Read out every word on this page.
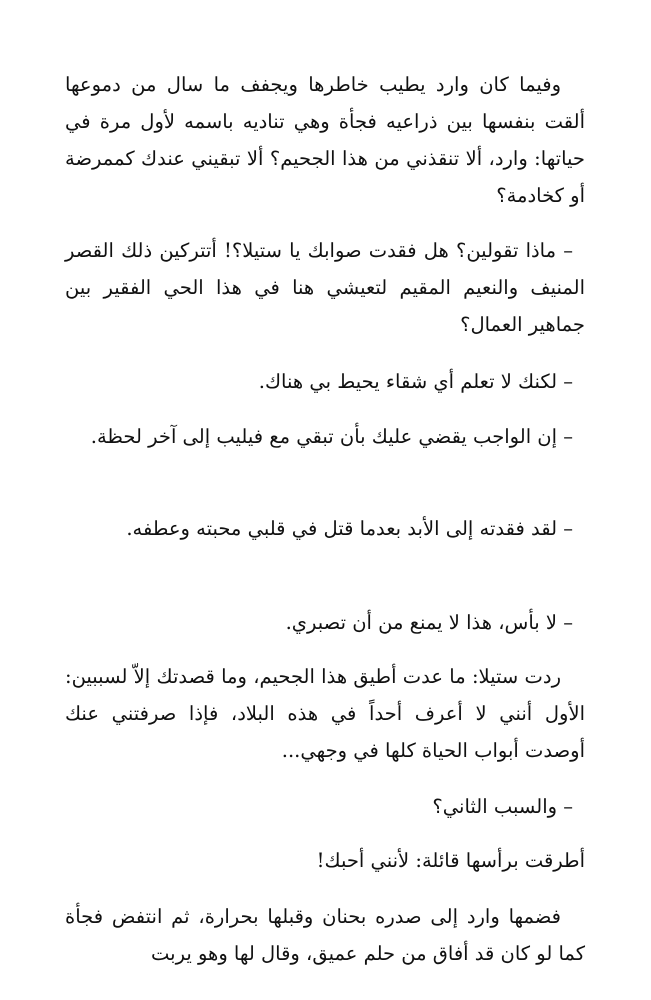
وفيما كان وارد يطيب خاطرها ويجفف ما سال من دموعها ألقت بنفسها بين ذراعيه فجأة وهي تناديه باسمه لأول مرة في حياتها: وارد، ألا تنقذني من هذا الجحيم؟ ألا تبقيني عندك كممرضة أو كخادمة؟

– ماذا تقولين؟ هل فقدت صوابك يا ستيلا؟! أتتركين ذلك القصر المنيف والنعيم المقيم لتعيشي هنا في هذا الحي الفقير بين جماهير العمال؟

– لكنك لا تعلم أي شقاء يحيط بي هناك.

– إن الواجب يقضي عليك بأن تبقي مع فيليب إلى آخر لحظة.

– لقد فقدته إلى الأبد بعدما قتل في قلبي محبته وعطفه.

– لا بأس، هذا لا يمنع من أن تصبري.

ردت ستيلا: ما عدت أطيق هذا الجحيم، وما قصدتك إلاّ لسببين: الأول أنني لا أعرف أحداً في هذه البلاد، فإذا صرفتني عنك أوصدت أبواب الحياة كلها في وجهي...

– والسبب الثاني؟

أطرقت برأسها قائلة: لأنني أحبك!

فضمها وارد إلى صدره بحنان وقبلها بحرارة، ثم انتفض فجأة كما لو كان قد أفاق من حلم عميق، وقال لها وهو يربت
